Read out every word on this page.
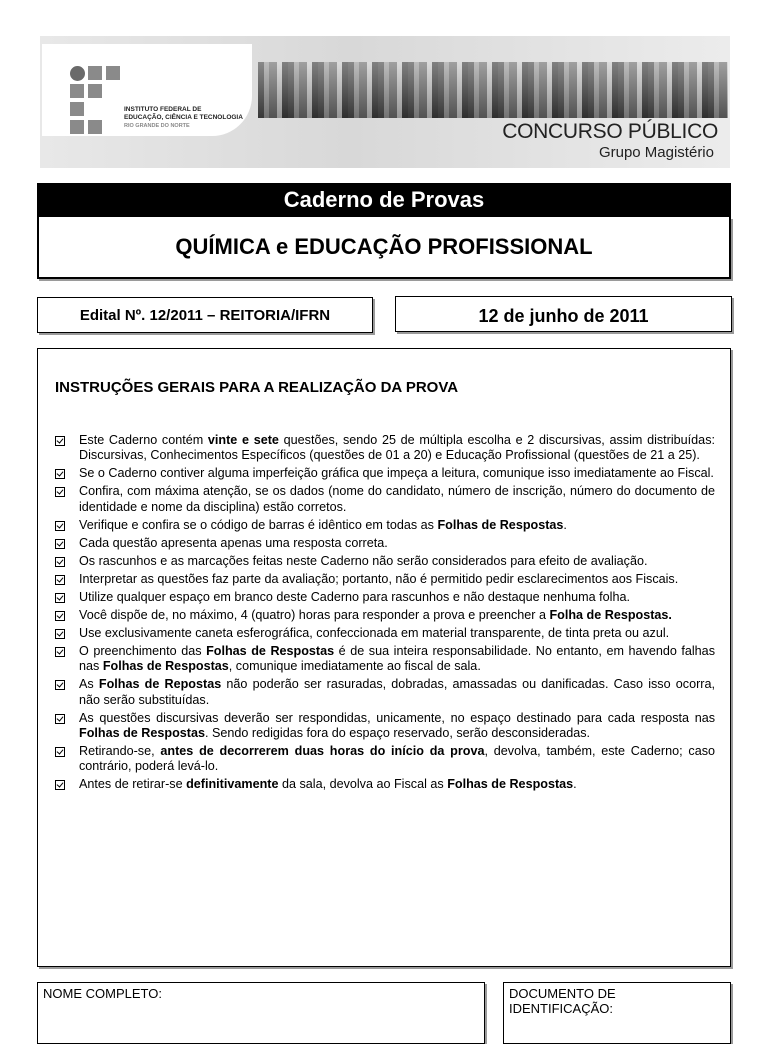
INSTITUTO FEDERAL DE
EDUCAÇÃO, CIÊNCIA E TECNOLOGIA
RIO GRANDE DO NORTE	CONCURSO PÚBLICO
Grupo Magistério
Caderno de Provas
QUÍMICA e EDUCAÇÃO PROFISSIONAL
Edital Nº. 12/2011 – REITORIA/IFRN	12 de junho de 2011
INSTRUÇÕES GERAIS PARA A REALIZAÇÃO DA PROVA
Este Caderno contém vinte e sete questões, sendo 25 de múltipla escolha e 2 discursivas, assim distribuídas: Discursivas, Conhecimentos Específicos (questões de 01 a 20) e Educação Profissional (questões de 21 a 25).
Se o Caderno contiver alguma imperfeição gráfica que impeça a leitura, comunique isso imediatamente ao Fiscal.
Confira, com máxima atenção, se os dados (nome do candidato, número de inscrição, número do documento de identidade e nome da disciplina) estão corretos.
Verifique e confira se o código de barras é idêntico em todas as Folhas de Respostas.
Cada questão apresenta apenas uma resposta correta.
Os rascunhos e as marcações feitas neste Caderno não serão considerados para efeito de avaliação.
Interpretar as questões faz parte da avaliação; portanto, não é permitido pedir esclarecimentos aos Fiscais.
Utilize qualquer espaço em branco deste Caderno para rascunhos e não destaque nenhuma folha.
Você dispõe de, no máximo, 4 (quatro) horas para responder a prova e preencher a Folha de Respostas.
Use exclusivamente caneta esferográfica, confeccionada em material transparente, de tinta preta ou azul.
O preenchimento das Folhas de Respostas é de sua inteira responsabilidade. No entanto, em havendo falhas nas Folhas de Respostas, comunique imediatamente ao fiscal de sala.
As Folhas de Repostas não poderão ser rasuradas, dobradas, amassadas ou danificadas. Caso isso ocorra, não serão substituídas.
As questões discursivas deverão ser respondidas, unicamente, no espaço destinado para cada resposta nas Folhas de Respostas. Sendo redigidas fora do espaço reservado, serão desconsideradas.
Retirando-se, antes de decorrerem duas horas do início da prova, devolva, também, este Caderno; caso contrário, poderá levá-lo.
Antes de retirar-se definitivamente da sala, devolva ao Fiscal as Folhas de Respostas.
NOME COMPLETO:	DOCUMENTO DE IDENTIFICAÇÃO:
